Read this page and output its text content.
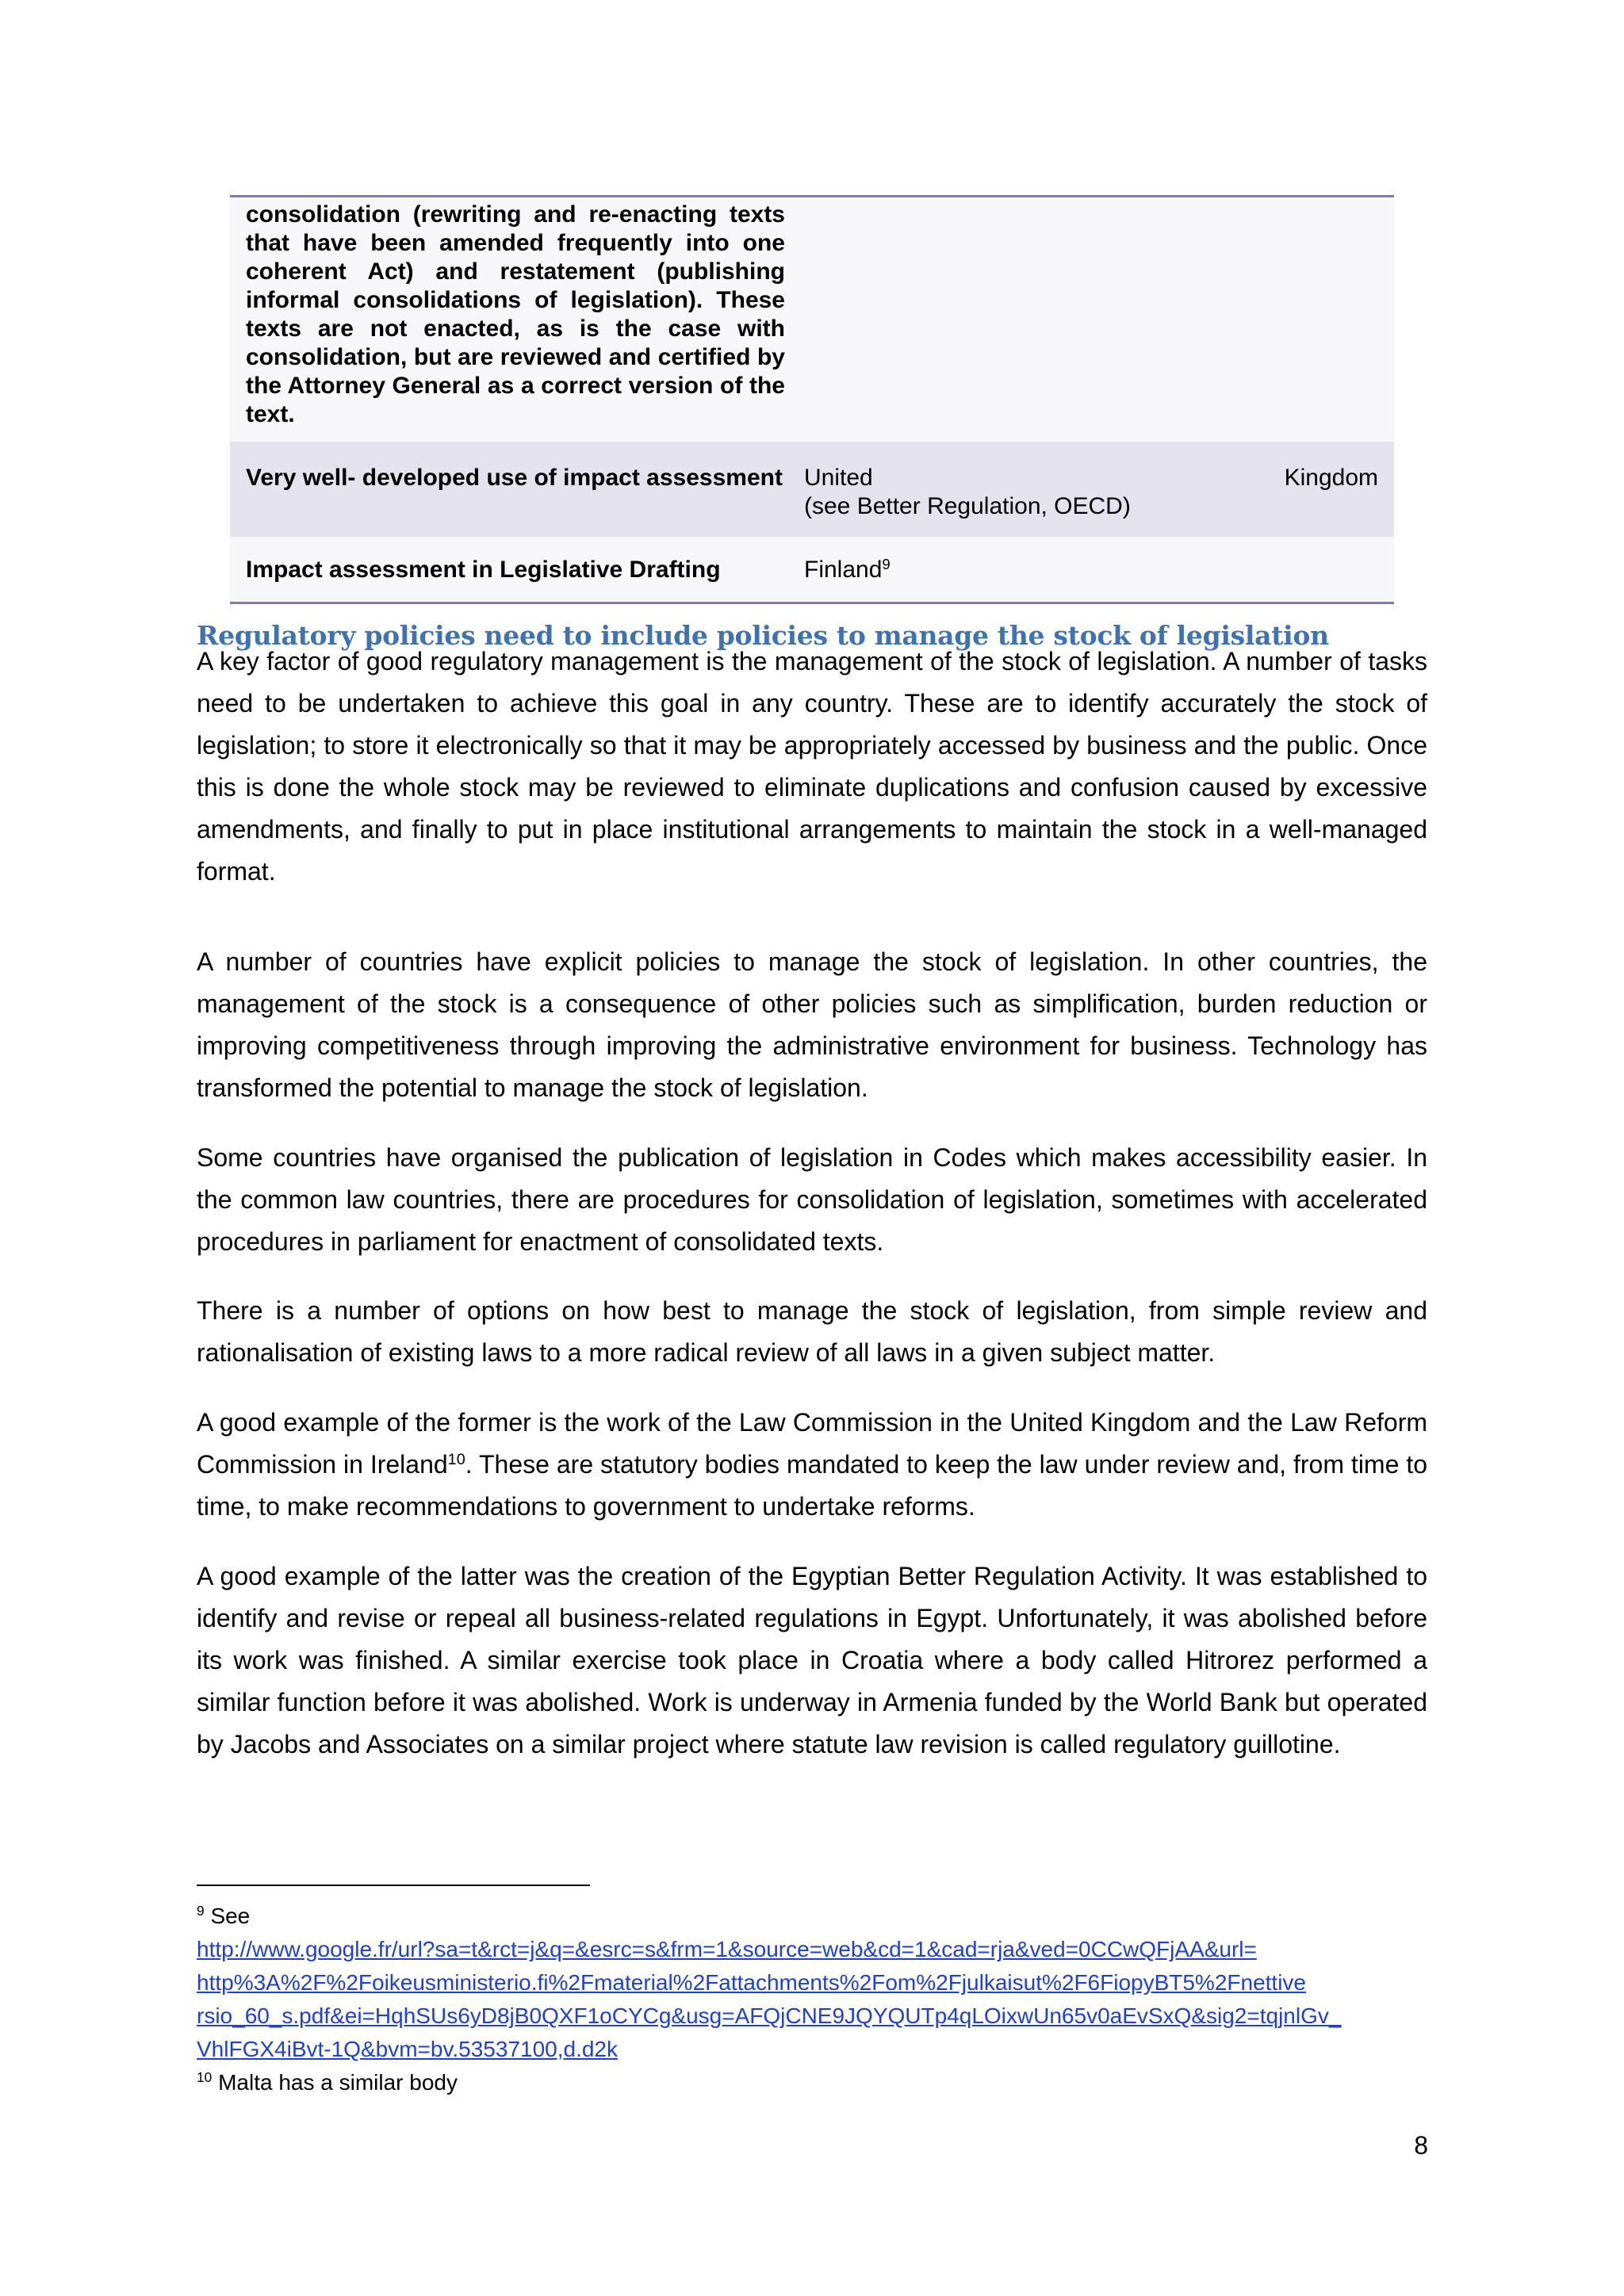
consolidation (rewriting and re-enacting texts that have been amended frequently into one coherent Act) and restatement (publishing informal consolidations of legislation). These texts are not enacted, as is the case with consolidation, but are reviewed and certified by the Attorney General as a correct version of the text.
Very well- developed use of impact assessment United	Kingdom
(see Better Regulation, OECD)
Impact assessment in Legislative Drafting	Finland$^9$
Regulatory policies need to include policies to manage the stock of legislation

A key factor of good regulatory management is the management of the stock of legislation. A number of tasks need to be undertaken to achieve this goal in any country. These are to identify accurately the stock of legislation; to store it electronically so that it may be appropriately accessed by business and the public. Once this is done the whole stock may be reviewed to eliminate duplications and confusion caused by excessive amendments, and finally to put in place institutional arrangements to maintain the stock in a well-managed format.

A number of countries have explicit policies to manage the stock of legislation. In other countries, the management of the stock is a consequence of other policies such as simplification, burden reduction or improving competitiveness through improving the administrative environment for business. Technology has transformed the potential to manage the stock of legislation.

Some countries have organised the publication of legislation in Codes which makes accessibility easier. In the common law countries, there are procedures for consolidation of legislation, sometimes with accelerated procedures in parliament for enactment of consolidated texts.

There is a number of options on how best to manage the stock of legislation, from simple review and rationalisation of existing laws to a more radical review of all laws in a given subject matter.

A good example of the former is the work of the Law Commission in the United Kingdom and the Law Reform Commission in Ireland$^{10}$. These are statutory bodies mandated to keep the law under review and, from time to time, to make recommendations to government to undertake reforms.

A good example of the latter was the creation of the Egyptian Better Regulation Activity. It was established to identify and revise or repeal all business-related regulations in Egypt. Unfortunately, it was abolished before its work was finished. A similar exercise took place in Croatia where a body called Hitrorez performed a similar function before it was abolished. Work is underway in Armenia funded by the World Bank but operated by Jacobs and Associates on a similar project where statute law revision is called regulatory guillotine.

$^9$ See
http://www.google.fr/url?sa=t&rct=j&q=&esrc=s&frm=1&source=web&cd=1&cad=rja&ved=0CCwQFjAA&url=
http%3A%2F%2Foikeusministerio.fi%2Fmaterial%2Fattachments%2Fom%2Fjulkaisut%2F6FiopyBT5%2Fnettive
rsio_60_s.pdf&ei=HqhSUs6yD8jB0QXF1oCYCg&usg=AFQjCNE9JQYQUTp4qLOixwUn65v0aEvSxQ&sig2=tqjnlGv_
VhlFGX4iBvt-1Q&bvm=bv.53537100,d.d2k
$^{10}$ Malta has a similar body
8
